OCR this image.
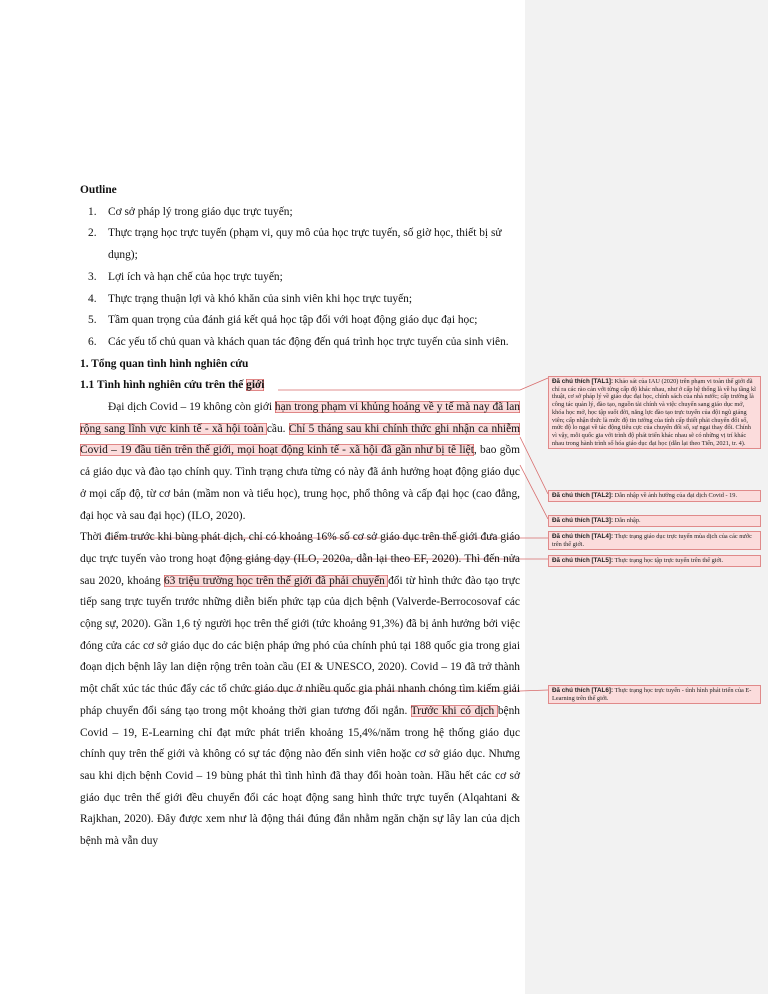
Outline

1. Cơ sở pháp lý trong giáo dục trực tuyến;
2. Thực trạng học trực tuyến (phạm vi, quy mô của học trực tuyến, số giờ học, thiết bị sử dụng);
3. Lợi ích và hạn chế của học trực tuyến;
4. Thực trạng thuận lợi và khó khăn của sinh viên khi học trực tuyến;
5. Tầm quan trọng của đánh giá kết quả học tập đối với hoạt động giáo dục đại học;
6. Các yếu tố chủ quan và khách quan tác động đến quá trình học trực tuyến của sinh viên.

1. Tổng quan tình hình nghiên cứu

1.1 Tình hình nghiên cứu trên thế giới

Đại dịch Covid – 19 không còn giới hạn trong phạm vi khủng hoảng về y tế mà nay đã lan rộng sang lĩnh vực kinh tế - xã hội toàn cầu. Chỉ 5 tháng sau khi chính thức ghi nhận ca nhiễm Covid – 19 đầu tiên trên thế giới, mọi hoạt động kinh tế - xã hội đã gần như bị tê liệt, bao gồm cả giáo dục và đào tạo chính quy. Tình trạng chưa từng có này đã ảnh hưởng hoạt động giáo dục ở mọi cấp độ, từ cơ bản (mầm non và tiểu học), trung học, phổ thông và cấp đại học (cao đẳng, đại học và sau đại học) (ILO, 2020).

Thời điểm trước khi bùng phát dịch, chỉ có khoảng 16% số cơ sở giáo dục trên thế giới đưa giáo dục trực tuyến vào trong hoạt động giảng dạy (ILO, 2020a, dẫn lại theo EF, 2020). Thì đến nửa sau 2020, khoảng 63 triệu trường học trên thế giới đã phải chuyển đổi từ hình thức đào tạo trực tiếp sang trực tuyến trước những diễn biến phức tạp của dịch bệnh (Valverde-Berrocosovaf các cộng sự, 2020). Gần 1,6 tỷ người học trên thế giới (tức khoảng 91,3%) đã bị ảnh hưởng bởi việc đóng cửa các cơ sở giáo dục do các biện pháp ứng phó của chính phủ tại 188 quốc gia trong giai đoạn dịch bệnh lây lan diện rộng trên toàn cầu (EI & UNESCO, 2020). Covid – 19 đã trở thành một chất xúc tác thúc đẩy các tổ chức giáo dục ở nhiều quốc gia phải nhanh chóng tìm kiếm giải pháp chuyển đổi sáng tạo trong một khoảng thời gian tương đối ngắn. Trước khi có dịch bệnh Covid – 19, E-Learning chỉ đạt mức phát triển khoảng 15,4%/năm trong hệ thống giáo dục chính quy trên thế giới và không có sự tác động nào đến sinh viên hoặc cơ sở giáo dục. Nhưng sau khi dịch bệnh Covid – 19 bùng phát thì tình hình đã thay đổi hoàn toàn. Hầu hết các cơ sở giáo dục trên thế giới đều chuyển đổi các hoạt động sang hình thức trực tuyến (Alqahtani & Rajkhan, 2020). Đây được xem như là động thái đúng đắn nhằm ngăn chặn sự lây lan của dịch bệnh mà vẫn duy

Đã chú thích [TAL1]: Khảo sát của IAU (2020) trên phạm vi toàn thế giới đã chỉ ra các rào cản với từng cấp độ khác nhau, như ở cấp hệ thống là về hạ tầng kĩ thuật, cơ sở pháp lý về giáo dục đại học, chính sách của nhà nước; cấp trường là công tác quản lý, đào tạo, nguồn tài chính và việc chuyển sang giáo dục mở, khóa học mở, học tập suốt đời, năng lực đào tạo trực tuyến của đội ngũ giảng viên; cấp nhận thức là mức độ tin tưởng của tính cấp thiết phải chuyển đổi số, mức độ lo ngại về tác động tiêu cực của chuyển đổi số, sự ngại thay đổi. Chính vì vậy, mỗi quốc gia với trình độ phát triển khác nhau sẽ có những vị trí khác nhau trong hành trình số hóa giáo dục đại học (dẫn lại theo Tiến, 2021, tr. 4).
Đã chú thích [TAL2]: Dẫn nhập về ảnh hưởng của đại dịch Covid - 19.
Đã chú thích [TAL3]: Dẫn nhập.
Đã chú thích [TAL4]: Thực trạng giáo dục trực tuyến mùa dịch của các nước trên thế giới.
Đã chú thích [TAL5]: Thực trạng học tập trực tuyến trên thế giới.
Đã chú thích [TAL6]: Thực trạng học trực tuyến - tình hình phát triển của E-Learning trên thế giới.
